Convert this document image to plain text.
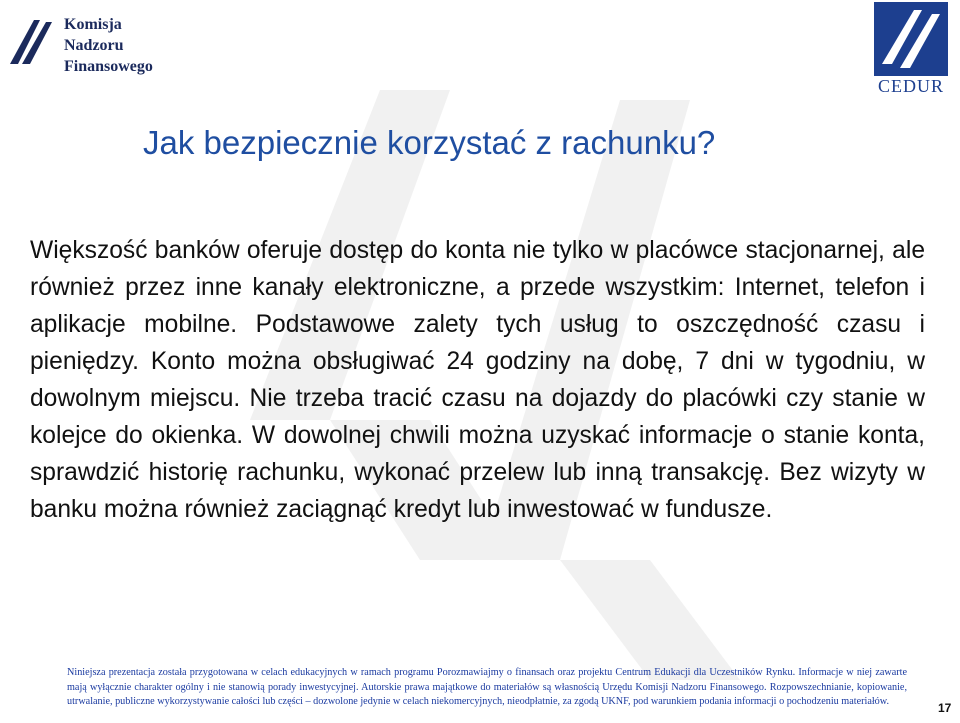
Komisja
Nadzoru
Finansowego
CEDUR
Jak bezpiecznie korzystać z rachunku?
Większość banków oferuje dostęp do konta nie tylko w placówce stacjonarnej, ale również przez inne kanały elektroniczne, a przede wszystkim: Internet, telefon i aplikacje mobilne. Podstawowe zalety tych usług to oszczędność czasu i pieniędzy. Konto można obsługiwać 24 godziny na dobę, 7 dni w tygodniu, w dowolnym miejscu. Nie trzeba tracić czasu na dojazdy do placówki czy stanie w kolejce do okienka. W dowolnej chwili można uzyskać informacje o stanie konta, sprawdzić historię rachunku, wykonać przelew lub inną transakcję. Bez wizyty w banku można również zaciągnąć kredyt lub inwestować w fundusze.
Niniejsza prezentacja została przygotowana w celach edukacyjnych w ramach programu Porozmawiajmy o finansach oraz projektu Centrum Edukacji dla Uczestników Rynku. Informacje w niej zawarte mają wyłącznie charakter ogólny i nie stanowią porady inwestycyjnej. Autorskie prawa majątkowe do materiałów są własnością Urzędu Komisji Nadzoru Finansowego. Rozpowszechnianie, kopiowanie, utrwalanie, publiczne wykorzystywanie całości lub części – dozwolone jedynie w celach niekomercyjnych, nieodpłatnie, za zgodą UKNF, pod warunkiem podania informacji o pochodzeniu materiałów.	17
